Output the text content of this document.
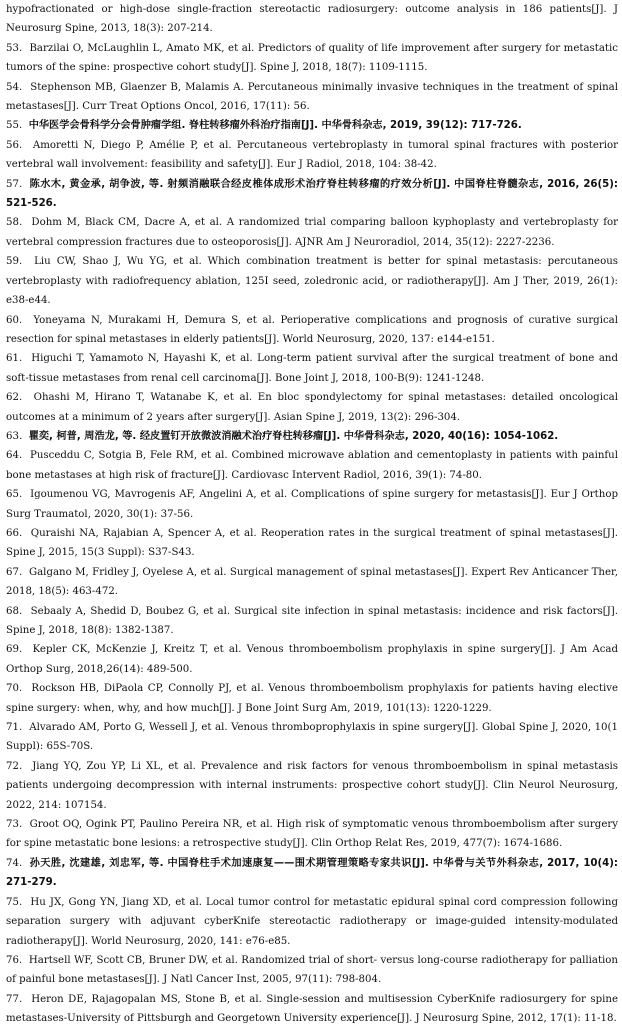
hypofractionated or high-dose single-fraction stereotactic radiosurgery: outcome analysis in 186 patients[J]. J Neurosurg Spine, 2013, 18(3): 207-214.

53. Barzilai O, McLaughlin L, Amato MK, et al. Predictors of quality of life improvement after surgery for metastatic tumors of the spine: prospective cohort study[J]. Spine J, 2018, 18(7): 1109-1115.

54. Stephenson MB, Glaenzer B, Malamis A. Percutaneous minimally invasive techniques in the treatment of spinal metastases[J]. Curr Treat Options Oncol, 2016, 17(11): 56.

55. 中华医学会骨科学分会骨肿瘤学组. 脊柱转移瘤外科治疗指南[J]. 中华骨科杂志, 2019, 39(12): 717-726.

56. Amoretti N, Diego P, Amélie P, et al. Percutaneous vertebroplasty in tumoral spinal fractures with posterior vertebral wall involvement: feasibility and safety[J]. Eur J Radiol, 2018, 104: 38-42.

57. 陈水木, 黄金承, 胡争波, 等. 射频消融联合经皮椎体成形术治疗脊柱转移瘤的疗效分析[J]. 中国脊柱脊髓杂志, 2016, 26(5): 521-526.

58. Dohm M, Black CM, Dacre A, et al. A randomized trial comparing balloon kyphoplasty and vertebroplasty for vertebral compression fractures due to osteoporosis[J]. AJNR Am J Neuroradiol, 2014, 35(12): 2227-2236.

59. Liu CW, Shao J, Wu YG, et al. Which combination treatment is better for spinal metastasis: percutaneous vertebroplasty with radiofrequency ablation, 125I seed, zoledronic acid, or radiotherapy[J]. Am J Ther, 2019, 26(1): e38-e44.

60. Yoneyama N, Murakami H, Demura S, et al. Perioperative complications and prognosis of curative surgical resection for spinal metastases in elderly patients[J]. World Neurosurg, 2020, 137: e144-e151.

61. Higuchi T, Yamamoto N, Hayashi K, et al. Long-term patient survival after the surgical treatment of bone and soft-tissue metastases from renal cell carcinoma[J]. Bone Joint J, 2018, 100-B(9): 1241-1248.

62. Ohashi M, Hirano T, Watanabe K, et al. En bloc spondylectomy for spinal metastases: detailed oncological outcomes at a minimum of 2 years after surgery[J]. Asian Spine J, 2019, 13(2): 296-304.

63. 瞿奕, 柯普, 周浩龙, 等. 经皮置钉开放微波消融术治疗脊柱转移瘤[J]. 中华骨科杂志, 2020, 40(16): 1054-1062.

64. Pusceddu C, Sotgia B, Fele RM, et al. Combined microwave ablation and cementoplasty in patients with painful bone metastases at high risk of fracture[J]. Cardiovasc Intervent Radiol, 2016, 39(1): 74-80.

65. Igoumenou VG, Mavrogenis AF, Angelini A, et al. Complications of spine surgery for metastasis[J]. Eur J Orthop Surg Traumatol, 2020, 30(1): 37-56.

66. Quraishi NA, Rajabian A, Spencer A, et al. Reoperation rates in the surgical treatment of spinal metastases[J]. Spine J, 2015, 15(3 Suppl): S37-S43.

67. Galgano M, Fridley J, Oyelese A, et al. Surgical management of spinal metastases[J]. Expert Rev Anticancer Ther, 2018, 18(5): 463-472.

68. Sebaaly A, Shedid D, Boubez G, et al. Surgical site infection in spinal metastasis: incidence and risk factors[J]. Spine J, 2018, 18(8): 1382-1387.

69. Kepler CK, McKenzie J, Kreitz T, et al. Venous thromboembolism prophylaxis in spine surgery[J]. J Am Acad Orthop Surg, 2018,26(14): 489-500.

70. Rockson HB, DiPaola CP, Connolly PJ, et al. Venous thromboembolism prophylaxis for patients having elective spine surgery: when, why, and how much[J]. J Bone Joint Surg Am, 2019, 101(13): 1220-1229.

71. Alvarado AM, Porto G, Wessell J, et al. Venous thromboprophylaxis in spine surgery[J]. Global Spine J, 2020, 10(1 Suppl): 65S-70S.

72. Jiang YQ, Zou YP, Li XL, et al. Prevalence and risk factors for venous thromboembolism in spinal metastasis patients undergoing decompression with internal instruments: prospective cohort study[J]. Clin Neurol Neurosurg, 2022, 214: 107154.

73. Groot OQ, Ogink PT, Paulino Pereira NR, et al. High risk of symptomatic venous thromboembolism after surgery for spine metastatic bone lesions: a retrospective study[J]. Clin Orthop Relat Res, 2019, 477(7): 1674-1686.

74. 孙天胜, 沈建雄, 刘忠军, 等. 中国脊柱手术加速康复——围术期管理策略专家共识[J]. 中华骨与关节外科杂志, 2017, 10(4): 271-279.

75. Hu JX, Gong YN, Jiang XD, et al. Local tumor control for metastatic epidural spinal cord compression following separation surgery with adjuvant cyberKnife stereotactic radiotherapy or image-guided intensity-modulated radiotherapy[J]. World Neurosurg, 2020, 141: e76-e85.

76. Hartsell WF, Scott CB, Bruner DW, et al. Randomized trial of short- versus long-course radiotherapy for palliation of painful bone metastases[J]. J Natl Cancer Inst, 2005, 97(11): 798-804.

77. Heron DE, Rajagopalan MS, Stone B, et al. Single-session and multisession CyberKnife radiosurgery for spine metastases-University of Pittsburgh and Georgetown University experience[J]. J Neurosurg Spine, 2012, 17(1): 11-18.
